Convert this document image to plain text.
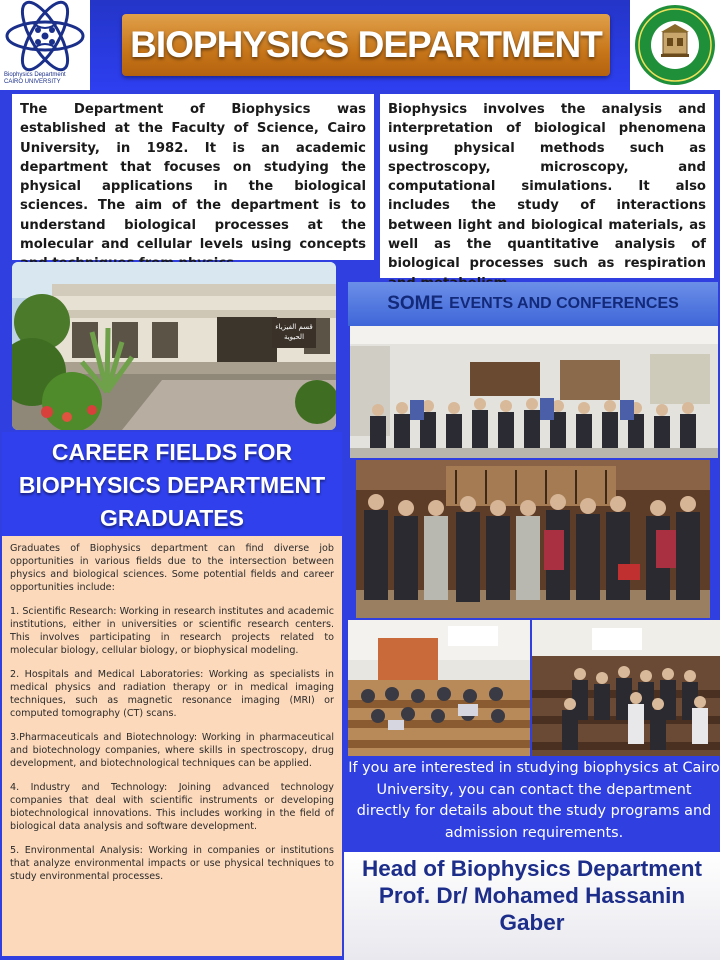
Biophysics Department
CAIRO UNIVERSITY
BIOPHYSICS DEPARTMENT
The Department of Biophysics was established at the Faculty of Science, Cairo University, in 1982. It is an academic department that focuses on studying the physical applications in the biological sciences. The aim of the department is to understand biological processes at the molecular and cellular levels using concepts
Biophysics involves the analysis and interpretation of biological phenomena using physical methods such as spectroscopy, microscopy, and computational simulations. It also includes the study of interactions between light and biological materials, as well as the quantitative analysis of biological processes such as respiration
قسم الفيزياء
الحيوية
SOME EVENTS AND CONFERENCES
CAREER FIELDS FOR
BIOPHYSICS DEPARTMENT
GRADUATES

Graduates of Biophysics department can find diverse job opportunities in various fields due to the intersection between physics and biological sciences. Some potential fields and career opportunities include:

1. Scientific Research: Working in research institutes and academic institutions, either in universities or scientific research centers. This involves participating in research projects related to molecular biology, cellular biology, or biophysical modeling.

2. Hospitals and Medical Laboratories: Working as specialists in medical physics and radiation therapy or in medical imaging techniques, such as magnetic resonance imaging (MRI) or computed tomography (CT) scans.

3.Pharmaceuticals and Biotechnology: Working in pharmaceutical and biotechnology companies, where skills in spectroscopy, drug development, and biotechnological techniques can be applied.

4. Industry and Technology: Joining advanced technology companies that deal with scientific instruments or developing biotechnological innovations. This includes working in the field of biological data analysis and software development.

5. Environmental Analysis: Working in companies or institutions that analyze environmental impacts or use physical techniques to study environmental processes.

If you are interested in studying biophysics at Cairo University, you can contact the department directly for details about the study programs and admission requirements.
Head of Biophysics Department
Prof. Dr/ Mohamed Hassanin
Gaber
